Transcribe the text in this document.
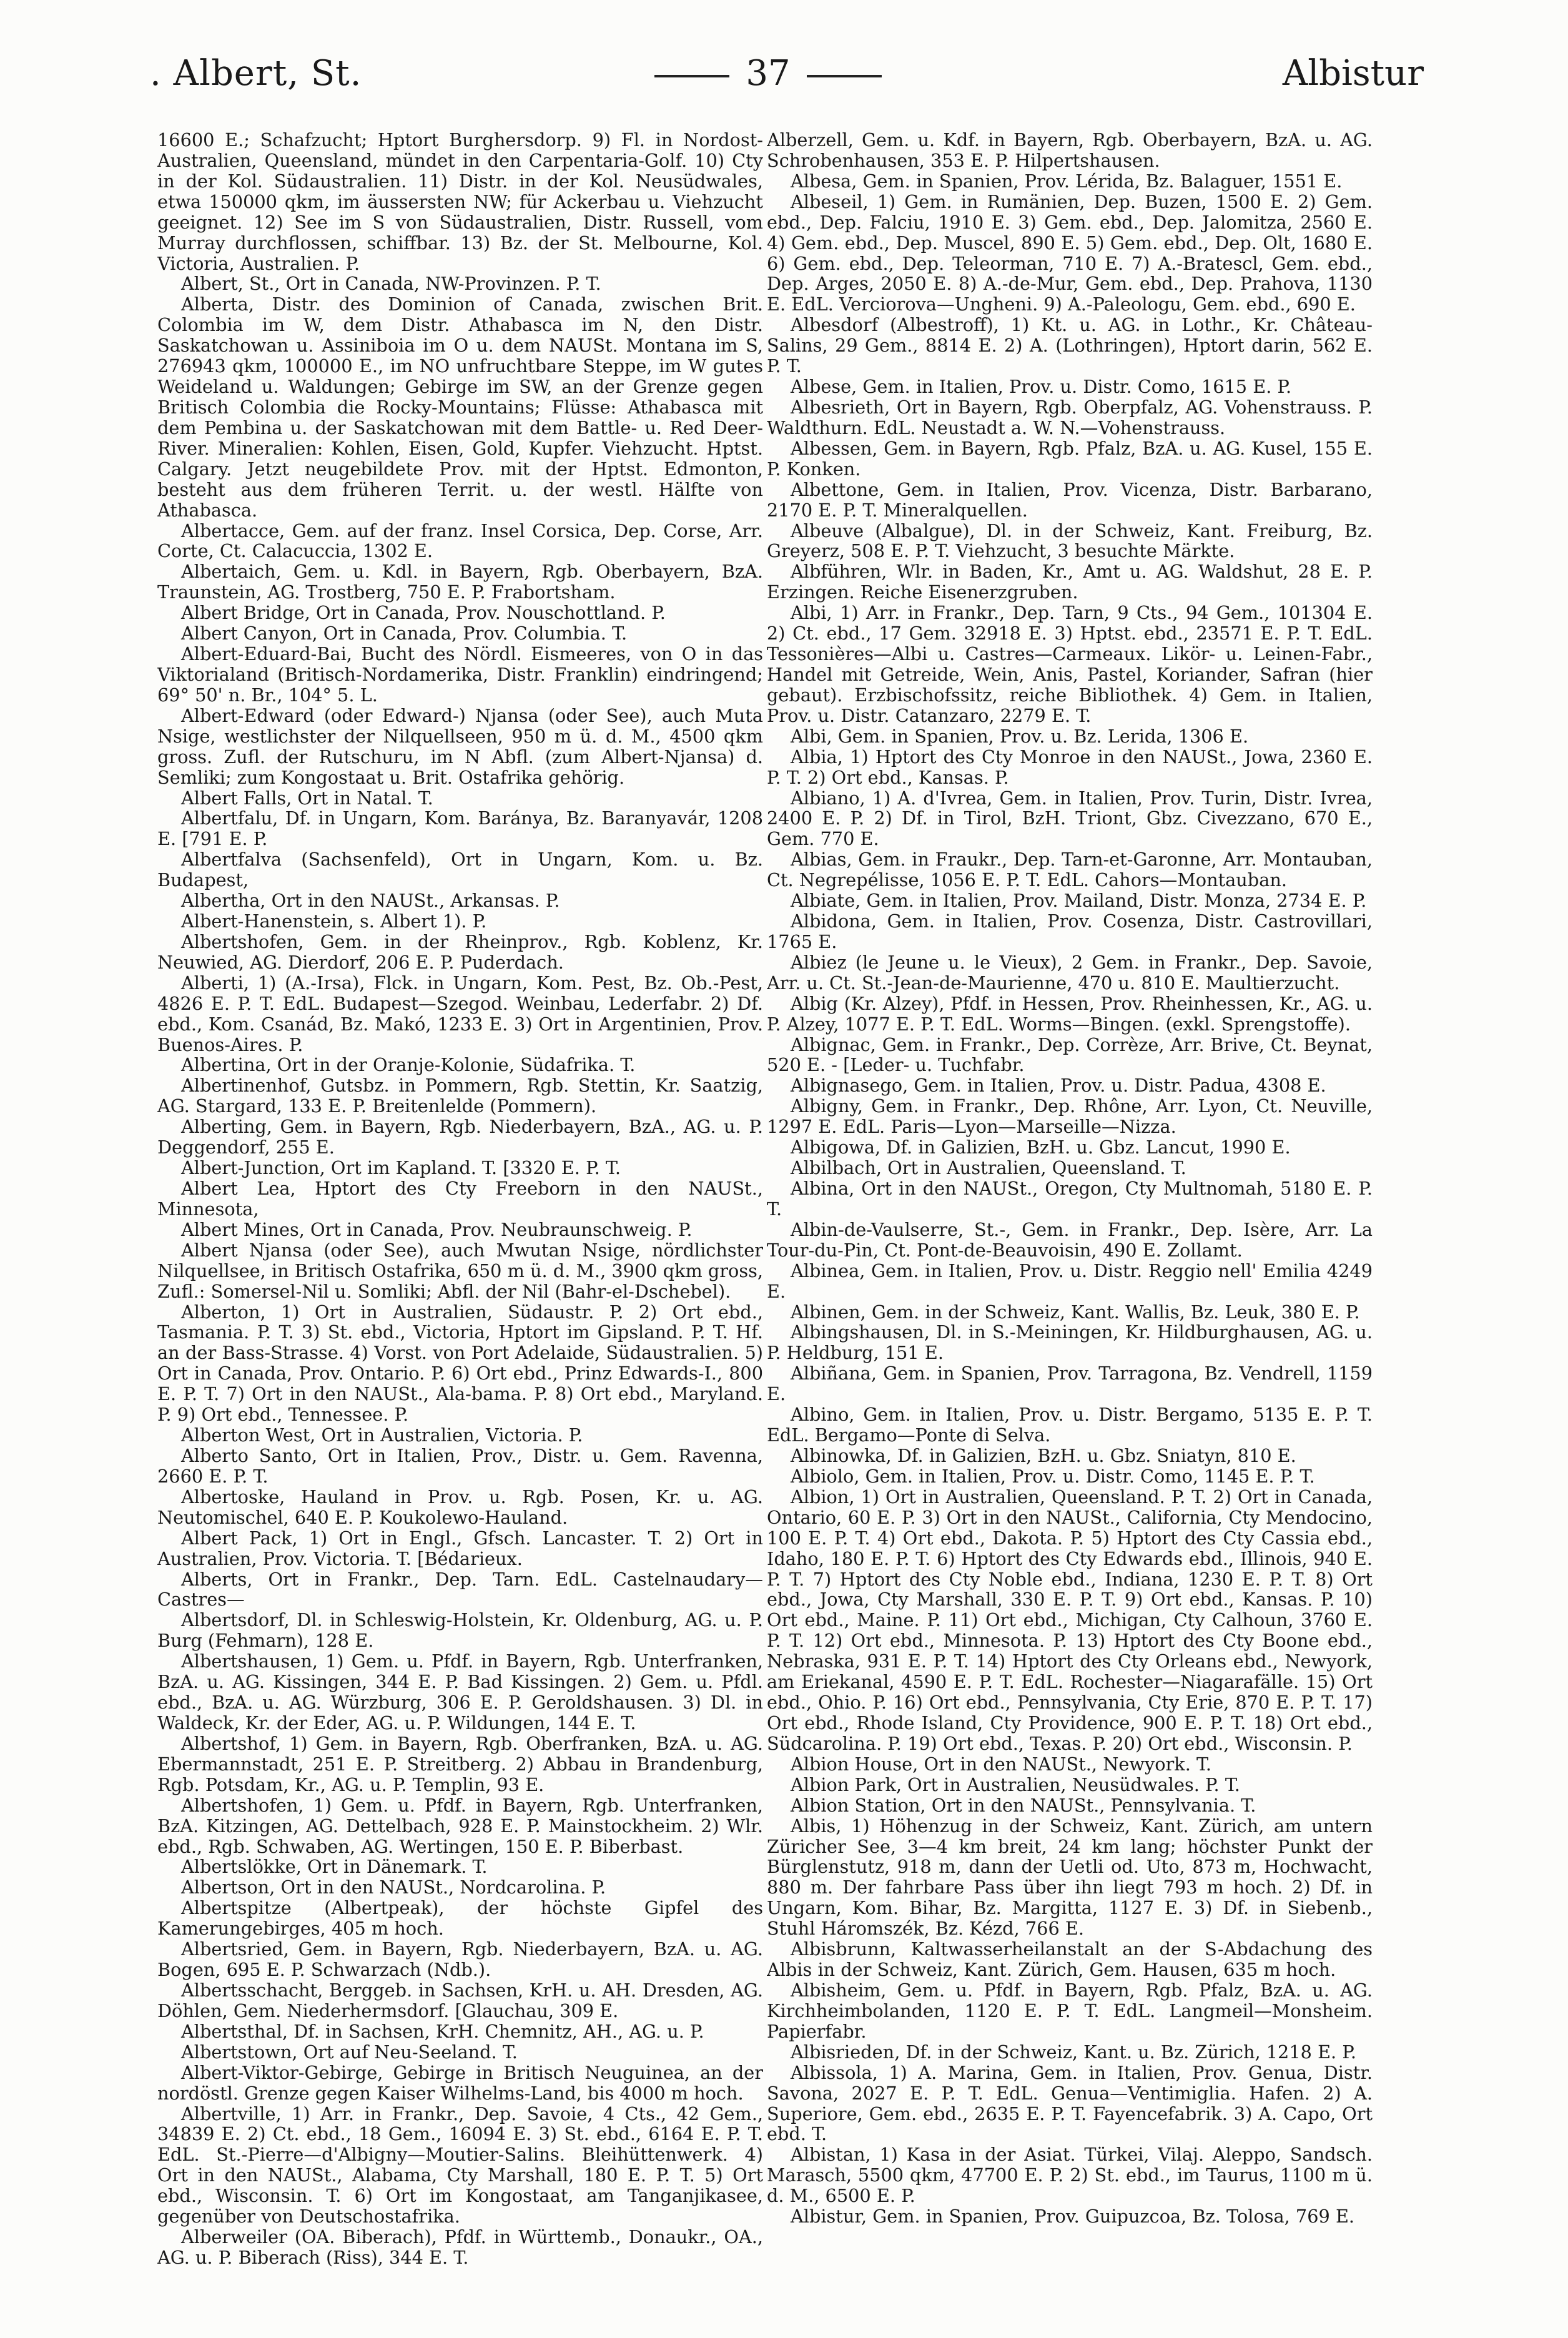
. Albert, St.	37	Albistur

16600 E.; Schafzucht; Hptort Burghersdorp. 9) Fl. in Nordost-Australien, Queensland, mündet in den Carpentaria-Golf. 10) Cty in der Kol. Südaustralien. 11) Distr. in der Kol. Neusüdwales, etwa 150000 qkm, im äussersten NW; für Ackerbau u. Viehzucht geeignet. 12) See im S von Südaustralien, Distr. Russell, vom Murray durchflossen, schiffbar. 13) Bz. der St. Melbourne, Kol. Victoria, Australien. P.

Albert, St., Ort in Canada, NW-Provinzen. P. T.

Alberta, Distr. des Dominion of Canada, zwischen Brit. Colombia im W, dem Distr. Athabasca im N, den Distr. Saskatchowan u. Assiniboia im O u. dem NAUSt. Montana im S, 276943 qkm, 100000 E., im NO unfruchtbare Steppe, im W gutes Weideland u. Waldungen; Gebirge im SW, an der Grenze gegen Britisch Colombia die Rocky-Mountains; Flüsse: Athabasca mit dem Pembina u. der Saskatchowan mit dem Battle- u. Red Deer-River. Mineralien: Kohlen, Eisen, Gold, Kupfer. Viehzucht. Hptst. Calgary. Jetzt neugebildete Prov. mit der Hptst. Edmonton, besteht aus dem früheren Territ. u. der westl. Hälfte von Athabasca.

Albertacce, Gem. auf der franz. Insel Corsica, Dep. Corse, Arr. Corte, Ct. Calacuccia, 1302 E.

Albertaich, Gem. u. Kdl. in Bayern, Rgb. Oberbayern, BzA. Traunstein, AG. Trostberg, 750 E. P. Frabortsham.

Albert Bridge, Ort in Canada, Prov. Nouschottland. P.

Albert Canyon, Ort in Canada, Prov. Columbia. T.

Albert-Eduard-Bai, Bucht des Nördl. Eismeeres, von O in das Viktorialand (Britisch-Nordamerika, Distr. Franklin) eindringend; 69° 50' n. Br., 104° 5. L.

Albert-Edward (oder Edward-) Njansa (oder See), auch Muta Nsige, westlichster der Nilquellseen, 950 m ü. d. M., 4500 qkm gross. Zufl. der Rutschuru, im N Abfl. (zum Albert-Njansa) d. Semliki; zum Kongostaat u. Brit. Ostafrika gehörig.

Albert Falls, Ort in Natal. T.

Albertfalu, Df. in Ungarn, Kom. Baránya, Bz. Baranyavár, 1208 E. [791 E. P.

Albertfalva (Sachsenfeld), Ort in Ungarn, Kom. u. Bz. Budapest,

Albertha, Ort in den NAUSt., Arkansas. P.

Albert-Hanenstein, s. Albert 1). P.

Albertshofen, Gem. in der Rheinprov., Rgb. Koblenz, Kr. Neuwied, AG. Dierdorf, 206 E. P. Puderdach.

Alberti, 1) (A.-Irsa), Flck. in Ungarn, Kom. Pest, Bz. Ob.-Pest, 4826 E. P. T. EdL. Budapest—Szegod. Weinbau, Lederfabr. 2) Df. ebd., Kom. Csanád, Bz. Makó, 1233 E. 3) Ort in Argentinien, Prov. Buenos-Aires. P.

Albertina, Ort in der Oranje-Kolonie, Südafrika. T.

Albertinenhof, Gutsbz. in Pommern, Rgb. Stettin, Kr. Saatzig, AG. Stargard, 133 E. P. Breitenlelde (Pommern).

Alberting, Gem. in Bayern, Rgb. Niederbayern, BzA., AG. u. P. Deggendorf, 255 E.

Albert-Junction, Ort im Kapland. T. [3320 E. P. T.

Albert Lea, Hptort des Cty Freeborn in den NAUSt., Minnesota,

Albert Mines, Ort in Canada, Prov. Neubraunschweig. P.

Albert Njansa (oder See), auch Mwutan Nsige, nördlichster Nilquellsee, in Britisch Ostafrika, 650 m ü. d. M., 3900 qkm gross, Zufl.: Somersel-Nil u. Somliki; Abfl. der Nil (Bahr-el-Dschebel).

Alberton, 1) Ort in Australien, Südaustr. P. 2) Ort ebd., Tasmania. P. T. 3) St. ebd., Victoria, Hptort im Gipsland. P. T. Hf. an der Bass-Strasse. 4) Vorst. von Port Adelaide, Südaustralien. 5) Ort in Canada, Prov. Ontario. P. 6) Ort ebd., Prinz Edwards-I., 800 E. P. T. 7) Ort in den NAUSt., Ala-bama. P. 8) Ort ebd., Maryland. P. 9) Ort ebd., Tennessee. P.

Alberton West, Ort in Australien, Victoria. P.

Alberto Santo, Ort in Italien, Prov., Distr. u. Gem. Ravenna, 2660 E. P. T.

Albertoske, Hauland in Prov. u. Rgb. Posen, Kr. u. AG. Neutomischel, 640 E. P. Koukolewo-Hauland.

Albert Pack, 1) Ort in Engl., Gfsch. Lancaster. T. 2) Ort in Australien, Prov. Victoria. T. [Bédarieux.

Alberts, Ort in Frankr., Dep. Tarn. EdL. Castelnaudary—Castres—

Albertsdorf, Dl. in Schleswig-Holstein, Kr. Oldenburg, AG. u. P. Burg (Fehmarn), 128 E.

Albertshausen, 1) Gem. u. Pfdf. in Bayern, Rgb. Unterfranken, BzA. u. AG. Kissingen, 344 E. P. Bad Kissingen. 2) Gem. u. Pfdl. ebd., BzA. u. AG. Würzburg, 306 E. P. Geroldshausen. 3) Dl. in Waldeck, Kr. der Eder, AG. u. P. Wildungen, 144 E. T.

Albertshof, 1) Gem. in Bayern, Rgb. Oberfranken, BzA. u. AG. Ebermannstadt, 251 E. P. Streitberg. 2) Abbau in Brandenburg, Rgb. Potsdam, Kr., AG. u. P. Templin, 93 E.

Albertshofen, 1) Gem. u. Pfdf. in Bayern, Rgb. Unterfranken, BzA. Kitzingen, AG. Dettelbach, 928 E. P. Mainstockheim. 2) Wlr. ebd., Rgb. Schwaben, AG. Wertingen, 150 E. P. Biberbast.

Albertslökke, Ort in Dänemark. T.

Albertson, Ort in den NAUSt., Nordcarolina. P.

Albertspitze (Albertpeak), der höchste Gipfel des Kamerungebirges, 405 m hoch.

Albertsried, Gem. in Bayern, Rgb. Niederbayern, BzA. u. AG. Bogen, 695 E. P. Schwarzach (Ndb.).

Albertsschacht, Berggeb. in Sachsen, KrH. u. AH. Dresden, AG. Döhlen, Gem. Niederhermsdorf. [Glauchau, 309 E.

Albertsthal, Df. in Sachsen, KrH. Chemnitz, AH., AG. u. P.

Albertstown, Ort auf Neu-Seeland. T.

Albert-Viktor-Gebirge, Gebirge in Britisch Neuguinea, an der nordöstl. Grenze gegen Kaiser Wilhelms-Land, bis 4000 m hoch.

Albertville, 1) Arr. in Frankr., Dep. Savoie, 4 Cts., 42 Gem., 34839 E. 2) Ct. ebd., 18 Gem., 16094 E. 3) St. ebd., 6164 E. P. T. EdL. St.-Pierre—d'Albigny—Moutier-Salins. Bleihüttenwerk. 4) Ort in den NAUSt., Alabama, Cty Marshall, 180 E. P. T. 5) Ort ebd., Wisconsin. T. 6) Ort im Kongostaat, am Tanganjikasee, gegenüber von Deutschostafrika.

Alberweiler (OA. Biberach), Pfdf. in Württemb., Donaukr., OA., AG. u. P. Biberach (Riss), 344 E. T.

Alberzell, Gem. u. Kdf. in Bayern, Rgb. Oberbayern, BzA. u. AG. Schrobenhausen, 353 E. P. Hilpertshausen.

Albesa, Gem. in Spanien, Prov. Lérida, Bz. Balaguer, 1551 E.

Albeseil, 1) Gem. in Rumänien, Dep. Buzen, 1500 E. 2) Gem. ebd., Dep. Falciu, 1910 E. 3) Gem. ebd., Dep. Jalomitza, 2560 E. 4) Gem. ebd., Dep. Muscel, 890 E. 5) Gem. ebd., Dep. Olt, 1680 E. 6) Gem. ebd., Dep. Teleorman, 710 E. 7) A.-Bratescl, Gem. ebd., Dep. Arges, 2050 E. 8) A.-de-Mur, Gem. ebd., Dep. Prahova, 1130 E. EdL. Verciorova—Ungheni. 9) A.-Paleologu, Gem. ebd., 690 E.

Albesdorf (Albestroff), 1) Kt. u. AG. in Lothr., Kr. Château-Salins, 29 Gem., 8814 E. 2) A. (Lothringen), Hptort darin, 562 E. P. T.

Albese, Gem. in Italien, Prov. u. Distr. Como, 1615 E. P.

Albesrieth, Ort in Bayern, Rgb. Oberpfalz, AG. Vohenstrauss. P. Waldthurn. EdL. Neustadt a. W. N.—Vohenstrauss.

Albessen, Gem. in Bayern, Rgb. Pfalz, BzA. u. AG. Kusel, 155 E. P. Konken.

Albettone, Gem. in Italien, Prov. Vicenza, Distr. Barbarano, 2170 E. P. T. Mineralquellen.

Albeuve (Albalgue), Dl. in der Schweiz, Kant. Freiburg, Bz. Greyerz, 508 E. P. T. Viehzucht, 3 besuchte Märkte.

Albführen, Wlr. in Baden, Kr., Amt u. AG. Waldshut, 28 E. P. Erzingen. Reiche Eisenerzgruben.

Albi, 1) Arr. in Frankr., Dep. Tarn, 9 Cts., 94 Gem., 101304 E. 2) Ct. ebd., 17 Gem. 32918 E. 3) Hptst. ebd., 23571 E. P. T. EdL. Tessonières—Albi u. Castres—Carmeaux. Likör- u. Leinen-Fabr., Handel mit Getreide, Wein, Anis, Pastel, Koriander, Safran (hier gebaut). Erzbischofssitz, reiche Bibliothek. 4) Gem. in Italien, Prov. u. Distr. Catanzaro, 2279 E. T.

Albi, Gem. in Spanien, Prov. u. Bz. Lerida, 1306 E.

Albia, 1) Hptort des Cty Monroe in den NAUSt., Jowa, 2360 E. P. T. 2) Ort ebd., Kansas. P.

Albiano, 1) A. d'Ivrea, Gem. in Italien, Prov. Turin, Distr. Ivrea, 2400 E. P. 2) Df. in Tirol, BzH. Triont, Gbz. Civezzano, 670 E., Gem. 770 E.

Albias, Gem. in Fraukr., Dep. Tarn-et-Garonne, Arr. Montauban, Ct. Negrepélisse, 1056 E. P. T. EdL. Cahors—Montauban.

Albiate, Gem. in Italien, Prov. Mailand, Distr. Monza, 2734 E. P.

Albidona, Gem. in Italien, Prov. Cosenza, Distr. Castrovillari, 1765 E.

Albiez (le Jeune u. le Vieux), 2 Gem. in Frankr., Dep. Savoie, Arr. u. Ct. St.-Jean-de-Maurienne, 470 u. 810 E. Maultierzucht.

Albig (Kr. Alzey), Pfdf. in Hessen, Prov. Rheinhessen, Kr., AG. u. P. Alzey, 1077 E. P. T. EdL. Worms—Bingen. (exkl. Sprengstoffe).

Albignac, Gem. in Frankr., Dep. Corrèze, Arr. Brive, Ct. Beynat, 520 E. - [Leder- u. Tuchfabr.

Albignasego, Gem. in Italien, Prov. u. Distr. Padua, 4308 E.

Albigny, Gem. in Frankr., Dep. Rhône, Arr. Lyon, Ct. Neuville, 1297 E. EdL. Paris—Lyon—Marseille—Nizza.

Albigowa, Df. in Galizien, BzH. u. Gbz. Lancut, 1990 E.

Albilbach, Ort in Australien, Queensland. T.

Albina, Ort in den NAUSt., Oregon, Cty Multnomah, 5180 E. P. T.

Albin-de-Vaulserre, St.-, Gem. in Frankr., Dep. Isère, Arr. La Tour-du-Pin, Ct. Pont-de-Beauvoisin, 490 E. Zollamt.

Albinea, Gem. in Italien, Prov. u. Distr. Reggio nell' Emilia 4249 E.

Albinen, Gem. in der Schweiz, Kant. Wallis, Bz. Leuk, 380 E. P.

Albingshausen, Dl. in S.-Meiningen, Kr. Hildburghausen, AG. u. P. Heldburg, 151 E.

Albiñana, Gem. in Spanien, Prov. Tarragona, Bz. Vendrell, 1159 E.

Albino, Gem. in Italien, Prov. u. Distr. Bergamo, 5135 E. P. T. EdL. Bergamo—Ponte di Selva.

Albinowka, Df. in Galizien, BzH. u. Gbz. Sniatyn, 810 E.

Albiolo, Gem. in Italien, Prov. u. Distr. Como, 1145 E. P. T.

Albion, 1) Ort in Australien, Queensland. P. T. 2) Ort in Canada, Ontario, 60 E. P. 3) Ort in den NAUSt., California, Cty Mendocino, 100 E. P. T. 4) Ort ebd., Dakota. P. 5) Hptort des Cty Cassia ebd., Idaho, 180 E. P. T. 6) Hptort des Cty Edwards ebd., Illinois, 940 E. P. T. 7) Hptort des Cty Noble ebd., Indiana, 1230 E. P. T. 8) Ort ebd., Jowa, Cty Marshall, 330 E. P. T. 9) Ort ebd., Kansas. P. 10) Ort ebd., Maine. P. 11) Ort ebd., Michigan, Cty Calhoun, 3760 E. P. T. 12) Ort ebd., Minnesota. P. 13) Hptort des Cty Boone ebd., Nebraska, 931 E. P. T. 14) Hptort des Cty Orleans ebd., Newyork, am Eriekanal, 4590 E. P. T. EdL. Rochester—Niagarafälle. 15) Ort ebd., Ohio. P. 16) Ort ebd., Pennsylvania, Cty Erie, 870 E. P. T. 17) Ort ebd., Rhode Island, Cty Providence, 900 E. P. T. 18) Ort ebd., Südcarolina. P. 19) Ort ebd., Texas. P. 20) Ort ebd., Wisconsin. P.

Albion House, Ort in den NAUSt., Newyork. T.

Albion Park, Ort in Australien, Neusüdwales. P. T.

Albion Station, Ort in den NAUSt., Pennsylvania. T.

Albis, 1) Höhenzug in der Schweiz, Kant. Zürich, am untern Züricher See, 3—4 km breit, 24 km lang; höchster Punkt der Bürglenstutz, 918 m, dann der Uetli od. Uto, 873 m, Hochwacht, 880 m. Der fahrbare Pass über ihn liegt 793 m hoch. 2) Df. in Ungarn, Kom. Bihar, Bz. Margitta, 1127 E. 3) Df. in Siebenb., Stuhl Háromszék, Bz. Kézd, 766 E.

Albisbrunn, Kaltwasserheilanstalt an der S-Abdachung des Albis in der Schweiz, Kant. Zürich, Gem. Hausen, 635 m hoch.

Albisheim, Gem. u. Pfdf. in Bayern, Rgb. Pfalz, BzA. u. AG. Kirchheimbolanden, 1120 E. P. T. EdL. Langmeil—Monsheim. Papierfabr.

Albisrieden, Df. in der Schweiz, Kant. u. Bz. Zürich, 1218 E. P.

Albissola, 1) A. Marina, Gem. in Italien, Prov. Genua, Distr. Savona, 2027 E. P. T. EdL. Genua—Ventimiglia. Hafen. 2) A. Superiore, Gem. ebd., 2635 E. P. T. Fayencefabrik. 3) A. Capo, Ort ebd. T.

Albistan, 1) Kasa in der Asiat. Türkei, Vilaj. Aleppo, Sandsch. Marasch, 5500 qkm, 47700 E. P. 2) St. ebd., im Taurus, 1100 m ü. d. M., 6500 E. P.

Albistur, Gem. in Spanien, Prov. Guipuzcoa, Bz. Tolosa, 769 E.
